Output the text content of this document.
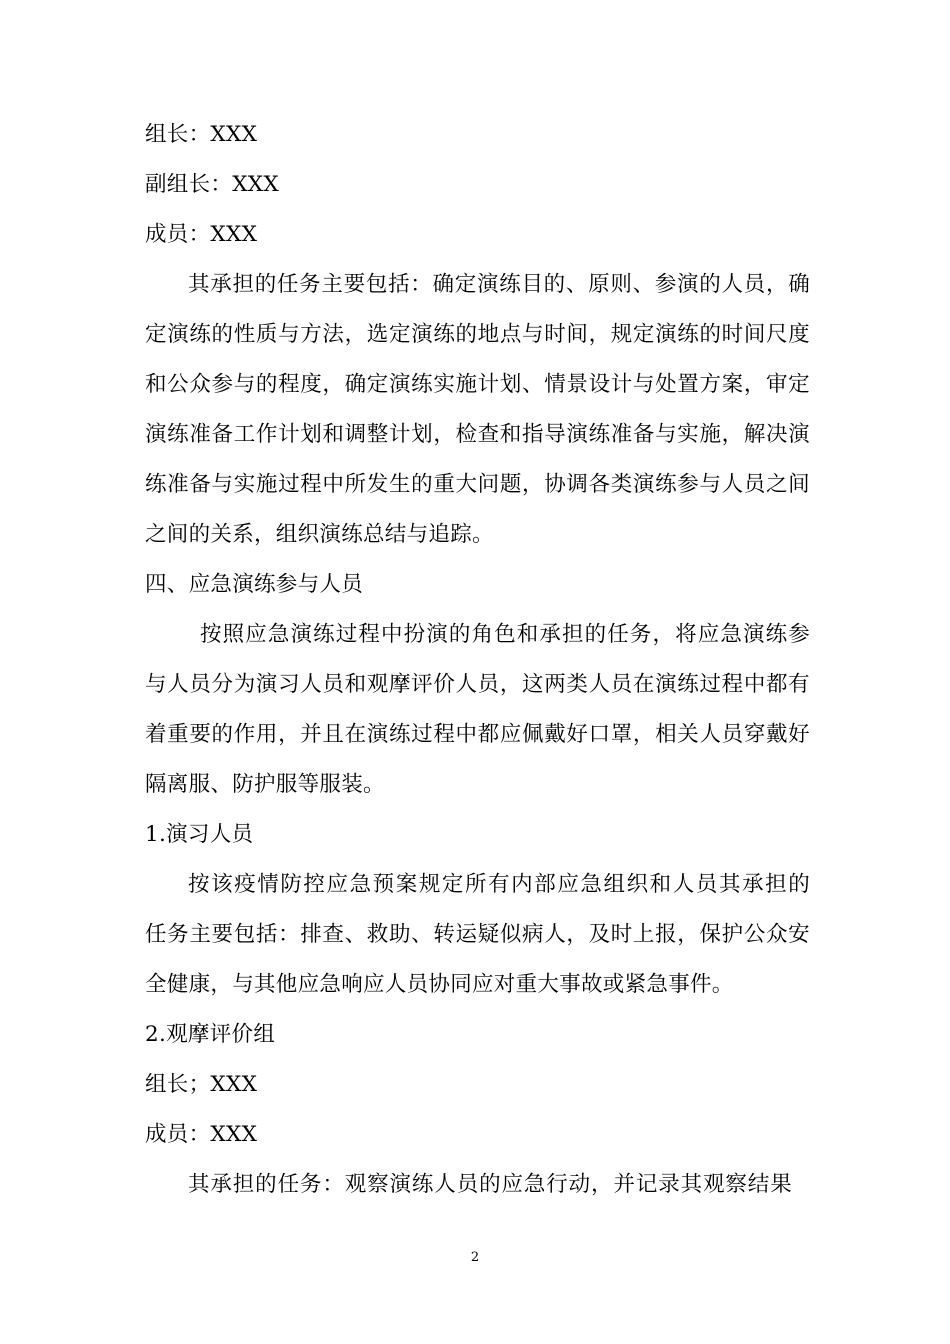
组长：XXX
副组长：XXX
成员：XXX
其承担的任务主要包括：确定演练目的、原则、参演的人员，确
定演练的性质与方法，选定演练的地点与时间，规定演练的时间尺度
和公众参与的程度，确定演练实施计划、情景设计与处置方案，审定
演练准备工作计划和调整计划，检查和指导演练准备与实施，解决演
练准备与实施过程中所发生的重大问题，协调各类演练参与人员之间
之间的关系，组织演练总结与追踪。
四、应急演练参与人员
按照应急演练过程中扮演的角色和承担的任务，将应急演练参
与人员分为演习人员和观摩评价人员，这两类人员在演练过程中都有
着重要的作用，并且在演练过程中都应佩戴好口罩，相关人员穿戴好
隔离服、防护服等服装。
1.演习人员
按该疫情防控应急预案规定所有内部应急组织和人员其承担的
任务主要包括：排查、救助、转运疑似病人，及时上报，保护公众安
全健康，与其他应急响应人员协同应对重大事故或紧急事件。
2.观摩评价组
组长；XXX
成员：XXX
其承担的任务：观察演练人员的应急行动，并记录其观察结果
2
